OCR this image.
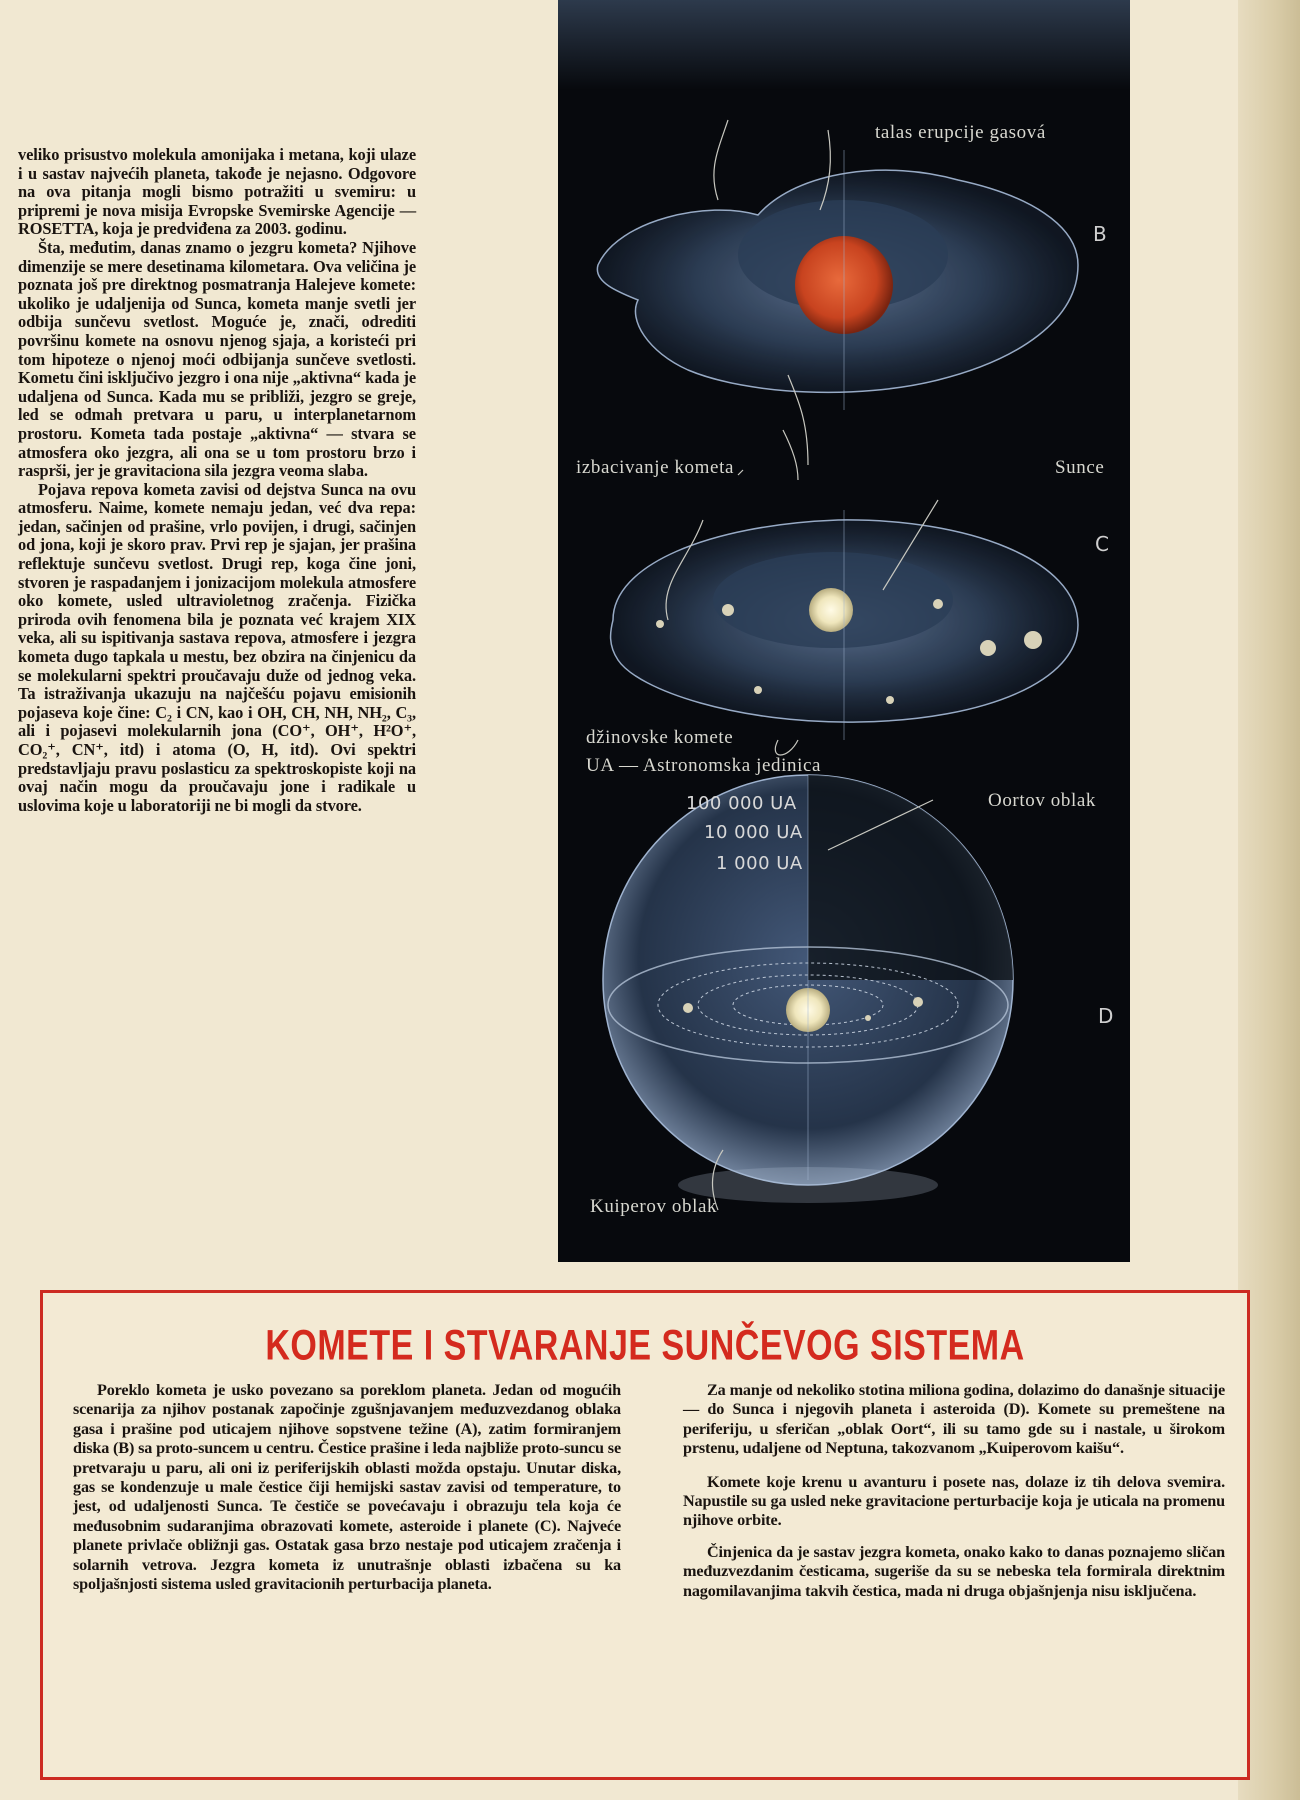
veliko prisustvo molekula amonijaka i metana, koji ulaze i u sastav najvećih planeta, takođe je nejasno. Odgovore na ova pitanja mogli bismo potražiti u svemiru: u pripremi je nova misija Evropske Svemirske Agencije — ROSETTA, koja je predviđena za 2003. godinu.

Šta, međutim, danas znamo o jezgru kometa? Njihove dimenzije se mere desetinama kilometara. Ova veličina je poznata još pre direktnog posmatranja Halejeve komete: ukoliko je udaljenija od Sunca, kometa manje svetli jer odbija sunčevu svetlost. Moguće je, znači, odrediti površinu komete na osnovu njenog sjaja, a koristeći pri tom hipoteze o njenoj moći odbijanja sunčeve svetlosti. Kometu čini isključivo jezgro i ona nije „aktivna“ kada je udaljena od Sunca. Kada mu se približi, jezgro se greje, led se odmah pretvara u paru, u interplanetarnom prostoru. Kometa tada postaje „aktivna“ — stvara se atmosfera oko jezgra, ali ona se u tom prostoru brzo i rasprši, jer je gravitaciona sila jezgra veoma slaba.

Pojava repova kometa zavisi od dejstva Sunca na ovu atmosferu. Naime, komete nemaju jedan, već dva repa: jedan, sačinjen od prašine, vrlo povijen, i drugi, sačinjen od jona, koji je skoro prav. Prvi rep je sjajan, jer prašina reflektuje sunčevu svetlost. Drugi rep, koga čine joni, stvoren je raspadanjem i jonizacijom molekula atmosfere oko komete, usled ultravioletnog zračenja. Fizička priroda ovih fenomena bila je poznata već krajem XIX veka, ali su ispitivanja sastava repova, atmosfere i jezgra kometa dugo tapkala u mestu, bez obzira na činjenicu da se molekularni spektri proučavaju duže od jednog veka. Ta istraživanja ukazuju na najčešću pojavu emisionih pojaseva koje čine: C₂ i CN, kao i OH, CH, NH, NH₂, C₃, ali i pojasevi molekularnih jona (CO⁺, OH⁺, H²O⁺, CO₂⁺, CN⁺, itd) i atoma (O, H, itd). Ovi spektri predstavljaju pravu poslasticu za spektroskopiste koji na ovaj način mogu da proučavaju jone i radikale u uslovima koje u laboratoriji ne bi mogli da stvore.

talas erupcije gasová
B
izbacivanje kometa	Sunce
C
džinovske komete
UA — Astronomska jedinica
Oortov oblak
100 000 UA
10 000 UA
1 000 UA
D
Kuiperov oblak
KOMETE I STVARANJE SUNČEVOG SISTEMA

Poreklo kometa je usko povezano sa poreklom planeta. Jedan od mogućih scenarija za njihov postanak započinje zgušnjavanjem međuzvezdanog oblaka gasa i prašine pod uticajem njihove sopstvene težine (A), zatim formiranjem diska (B) sa proto-suncem u centru. Čestice prašine i leda najbliže proto-suncu se pretvaraju u paru, ali oni iz periferijskih oblasti možda opstaju. Unutar diska, gas se kondenzuje u male čestice čiji hemijski sastav zavisi od temperature, to jest, od udaljenosti Sunca. Te čestiče se povećavaju i obrazuju tela koja će međusobnim sudaranjima obrazovati komete, asteroide i planete (C). Najveće planete privlače obližnji gas. Ostatak gasa brzo nestaje pod uticajem zračenja i solarnih vetrova. Jezgra kometa iz unutrašnje oblasti izbačena su ka spoljašnjosti sistema usled gravitacionih perturbacija planeta.

Za manje od nekoliko stotina miliona godina, dolazimo do današnje situacije — do Sunca i njegovih planeta i asteroida (D). Komete su premeštene na periferiju, u sferičan „oblak Oort“, ili su tamo gde su i nastale, u širokom prstenu, udaljene od Neptuna, takozvanom „Kuiperovom kaišu“.

Komete koje krenu u avanturu i posete nas, dolaze iz tih delova svemira. Napustile su ga usled neke gravitacione perturbacije koja je uticala na promenu njihove orbite.

Činjenica da je sastav jezgra kometa, onako kako to danas poznajemo sličan međuzvezdanim česticama, sugeriše da su se nebeska tela formirala direktnim nagomilavanjima takvih čestica, mada ni druga objašnjenja nisu isključena.
